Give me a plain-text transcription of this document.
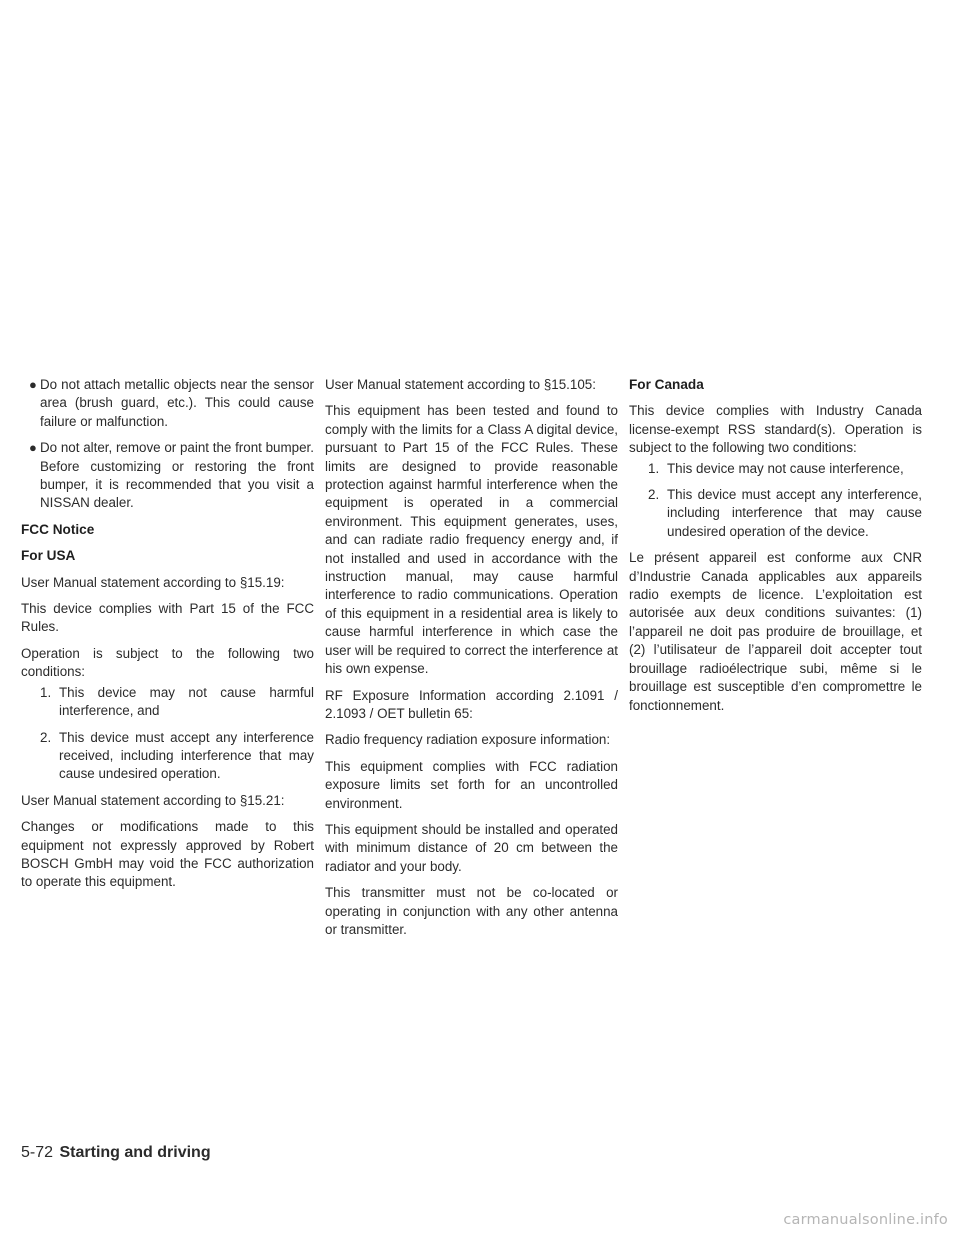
● Do not attach metallic objects near the sensor area (brush guard, etc.). This could cause failure or malfunction.
● Do not alter, remove or paint the front bumper. Before customizing or restoring the front bumper, it is recommended that you visit a NISSAN dealer.
FCC Notice
For USA

User Manual statement according to §15.19:

This device complies with Part 15 of the FCC Rules.

Operation is subject to the following two conditions:

1. This device may not cause harmful interference, and
2. This device must accept any interference received, including interference that may cause undesired operation.

User Manual statement according to §15.21:

Changes or modifications made to this equipment not expressly approved by Robert BOSCH GmbH may void the FCC authorization to operate this equipment.

User Manual statement according to §15.105:

This equipment has been tested and found to comply with the limits for a Class A digital device, pursuant to Part 15 of the FCC Rules. These limits are designed to provide reasonable protection against harmful interference when the equipment is operated in a commercial environment. This equipment generates, uses, and can radiate radio frequency energy and, if not installed and used in accordance with the instruction manual, may cause harmful interference to radio communications. Operation of this equipment in a residential area is likely to cause harmful interference in which case the user will be required to correct the interference at his own expense.

RF Exposure Information according 2.1091 / 2.1093 / OET bulletin 65:

Radio frequency radiation exposure information:

This equipment complies with FCC radiation exposure limits set forth for an uncontrolled environment.

This equipment should be installed and operated with minimum distance of 20 cm between the radiator and your body.

This transmitter must not be co-located or operating in conjunction with any other antenna or transmitter.

For Canada

This device complies with Industry Canada license-exempt RSS standard(s). Operation is subject to the following two conditions:

1. This device may not cause interference,
2. This device must accept any interference, including interference that may cause undesired operation of the device.

Le présent appareil est conforme aux CNR d’Industrie Canada applicables aux appareils radio exempts de licence. L’exploitation est autorisée aux deux conditions suivantes: (1) l’appareil ne doit pas produire de brouillage, et (2) l’utilisateur de l’appareil doit accepter tout brouillage radioélectrique subi, même si le brouillage est susceptible d’en compromettre le fonctionnement.

5-72 Starting and driving
carmanualsonline.info
